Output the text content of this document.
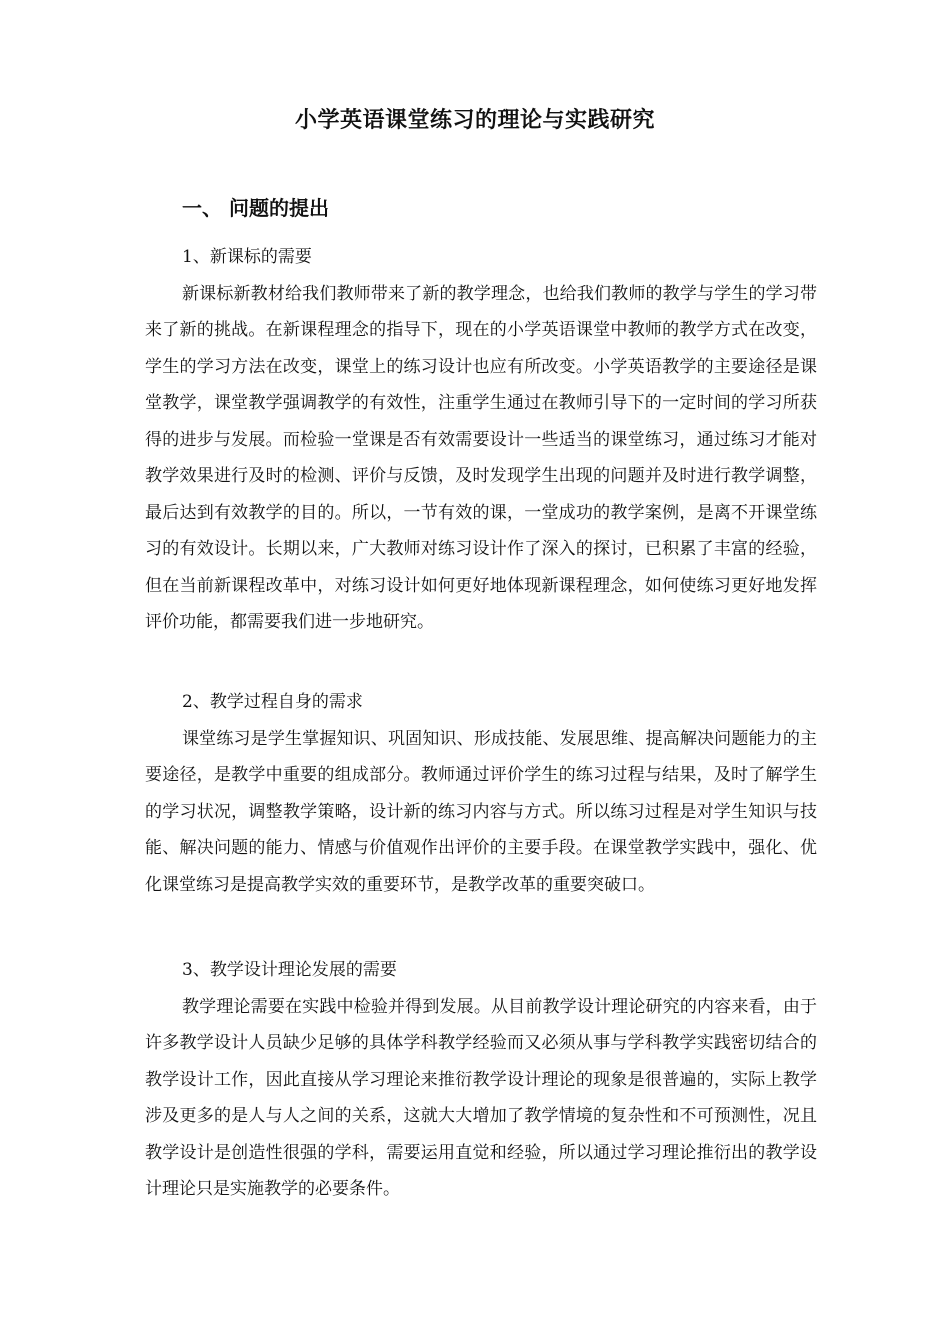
小学英语课堂练习的理论与实践研究
一、 问题的提出

1、新课标的需要

新课标新教材给我们教师带来了新的教学理念，也给我们教师的教学与学生的学习带来了新的挑战。在新课程理念的指导下，现在的小学英语课堂中教师的教学方式在改变，学生的学习方法在改变，课堂上的练习设计也应有所改变。小学英语教学的主要途径是课堂教学，课堂教学强调教学的有效性，注重学生通过在教师引导下的一定时间的学习所获得的进步与发展。而检验一堂课是否有效需要设计一些适当的课堂练习，通过练习才能对教学效果进行及时的检测、评价与反馈，及时发现学生出现的问题并及时进行教学调整，最后达到有效教学的目的。所以，一节有效的课，一堂成功的教学案例，是离不开课堂练习的有效设计。长期以来，广大教师对练习设计作了深入的探讨，已积累了丰富的经验，但在当前新课程改革中，对练习设计如何更好地体现新课程理念，如何使练习更好地发挥评价功能，都需要我们进一步地研究。

2、教学过程自身的需求

课堂练习是学生掌握知识、巩固知识、形成技能、发展思维、提高解决问题能力的主要途径，是教学中重要的组成部分。教师通过评价学生的练习过程与结果，及时了解学生的学习状况，调整教学策略，设计新的练习内容与方式。所以练习过程是对学生知识与技能、解决问题的能力、情感与价值观作出评价的主要手段。在课堂教学实践中，强化、优化课堂练习是提高教学实效的重要环节，是教学改革的重要突破口。

3、教学设计理论发展的需要

教学理论需要在实践中检验并得到发展。从目前教学设计理论研究的内容来看，由于许多教学设计人员缺少足够的具体学科教学经验而又必须从事与学科教学实践密切结合的教学设计工作，因此直接从学习理论来推衍教学设计理论的现象是很普遍的，实际上教学涉及更多的是人与人之间的关系，这就大大增加了教学情境的复杂性和不可预测性，况且教学设计是创造性很强的学科，需要运用直觉和经验，所以通过学习理论推衍出的教学设计理论只是实施教学的必要条件。
